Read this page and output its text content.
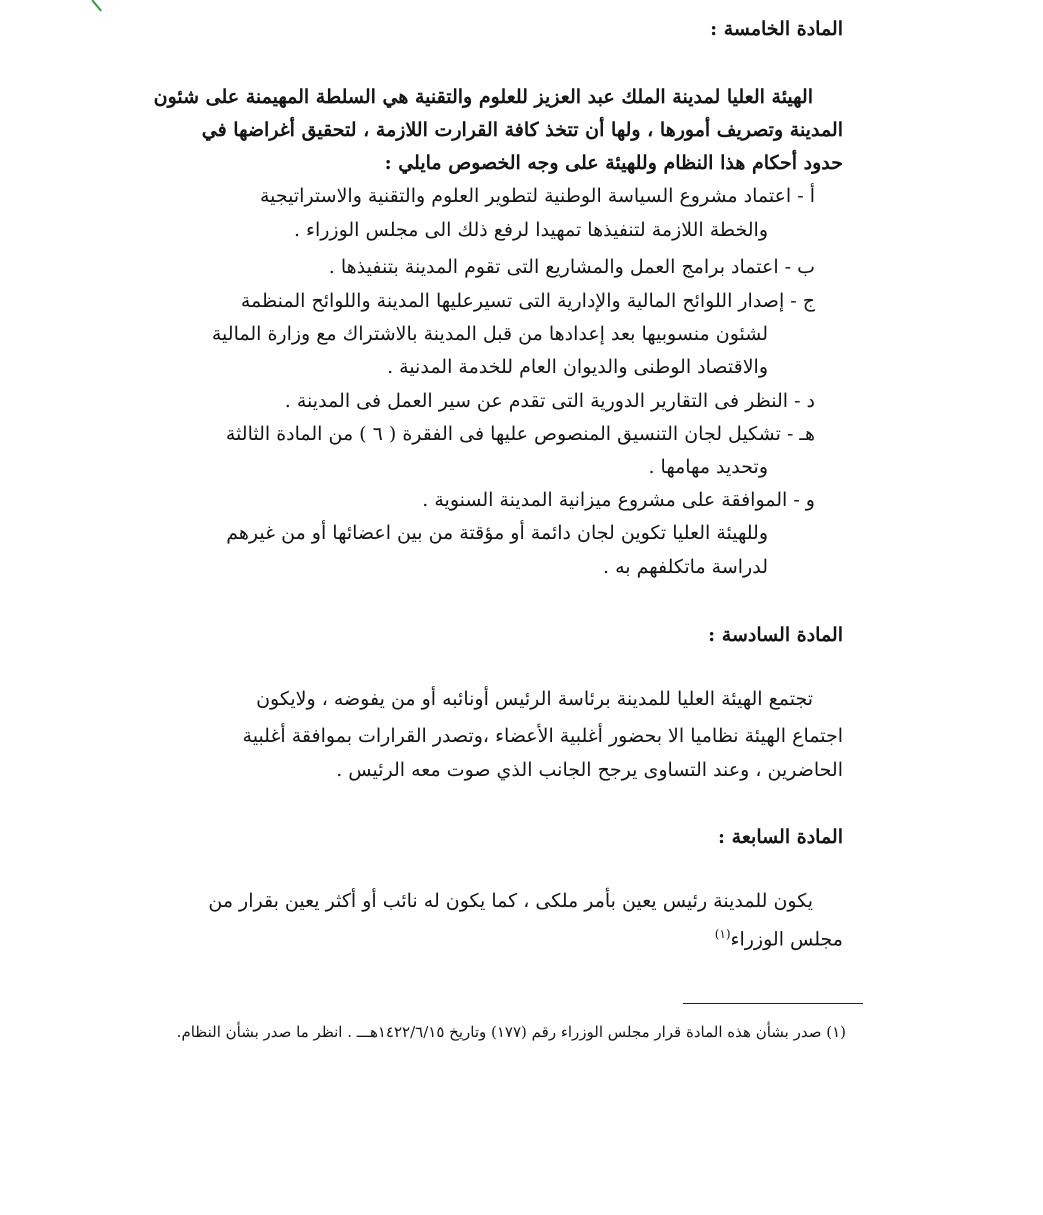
المادة الخامسة :
الهيئة العليا لمدينة الملك عبد العزيز للعلوم والتقنية هي السلطة المهيمنة على شئون
المدينة وتصريف أمورها ، ولها أن تتخذ كافة القرارت اللازمة ، لتحقيق أغراضها في
حدود أحكام هذا النظام وللهيئة على وجه الخصوص مايلي :
أ - اعتماد مشروع السياسة الوطنية لتطوير العلوم والتقنية والاستراتيجية
والخطة اللازمة لتنفيذها تمهيدا لرفع ذلك الى مجلس الوزراء .
ب - اعتماد برامج العمل والمشاريع التى تقوم المدينة بتنفيذها .
ج - إصدار اللوائح المالية والإدارية التى تسيرعليها المدينة واللوائح المنظمة
لشئون منسوبيها بعد إعدادها من قبل المدينة بالاشتراك مع وزارة المالية
والاقتصاد الوطنى والديوان العام للخدمة المدنية .
د - النظر فى التقارير الدورية التى تقدم عن سير العمل فى المدينة .
هـ - تشكيل لجان التنسيق المنصوص عليها فى الفقرة ( ٦ ) من المادة الثالثة
وتحديد مهامها .
و - الموافقة على مشروع ميزانية المدينة السنوية .
وللهيئة العليا تكوين لجان دائمة أو مؤقتة من بين اعضائها أو من غيرهم
لدراسة ماتكلفهم به .
المادة السادسة :
تجتمع الهيئة العليا للمدينة برئاسة الرئيس أونائبه أو من يفوضه ، ولايكون
اجتماع الهيئة نظاميا الا بحضور أغلبية الأعضاء ،وتصدر القرارات بموافقة أغلبية
الحاضرين ، وعند التساوى يرجح الجانب الذي صوت معه الرئيس .
المادة السابعة :
يكون للمدينة رئيس يعين بأمر ملكى ، كما يكون له نائب أو أكثر يعين بقرار من
مجلس الوزراء$^{(١)}$
(١) صدر بشأن هذه المادة قرار مجلس الوزراء رقم (١٧٧) وتاريخ ١٤٢٢/٦/١٥هـــ . انظر ما صدر بشأن النظام.
